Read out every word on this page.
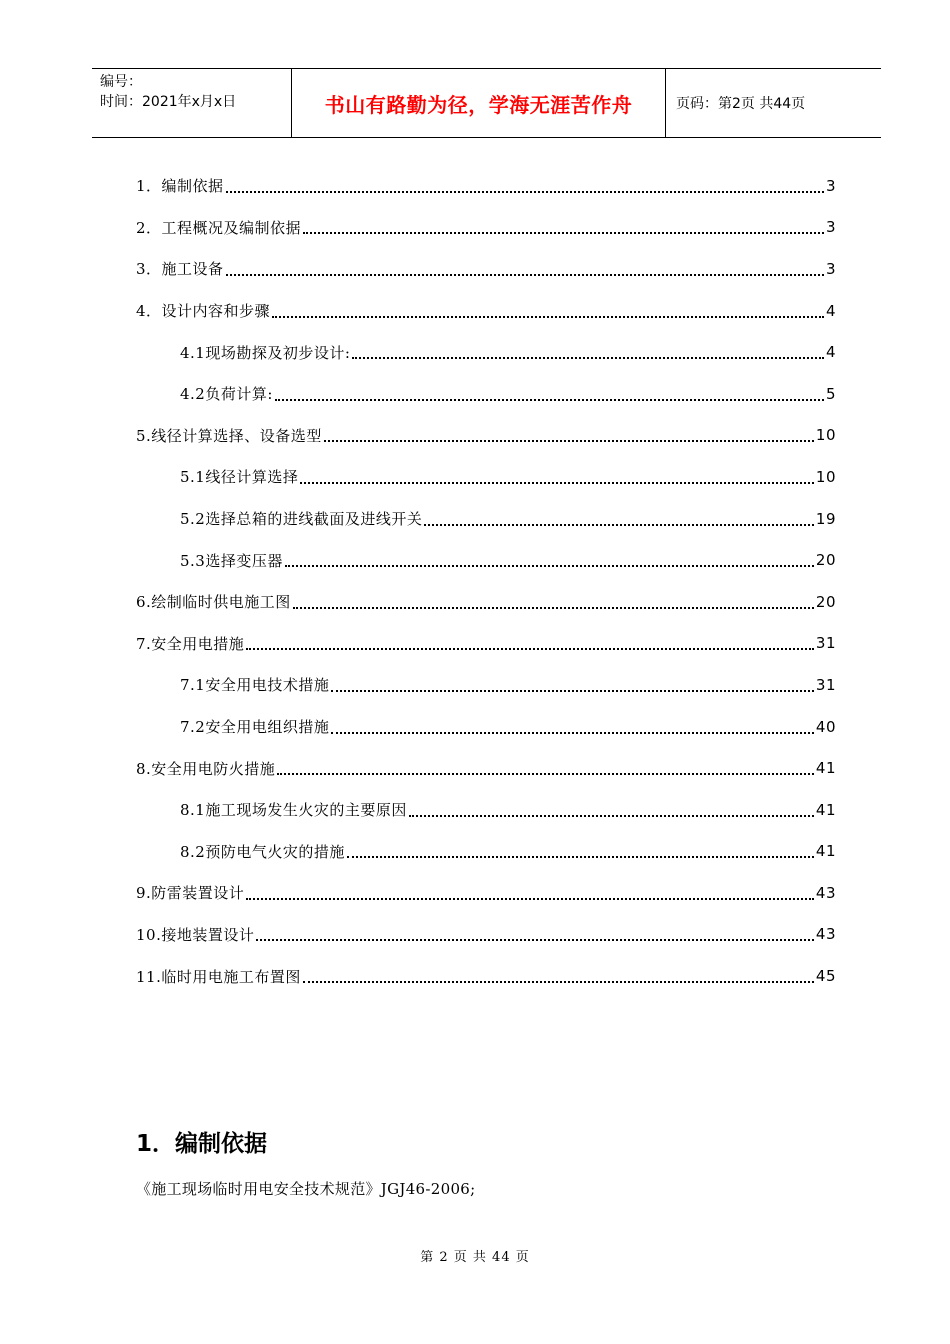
编号：
时间：2021年x月x日	书山有路勤为径，学海无涯苦作舟	页码：第2页 共44页
1．编制依据	3
2．工程概况及编制依据	3
3．施工设备	3
4．设计内容和步骤	4
4.1现场勘探及初步设计:	4
4.2负荷计算:	5
5.线径计算选择、设备选型	10
5.1线径计算选择	10
5.2选择总箱的进线截面及进线开关	19
5.3选择变压器	20
6.绘制临时供电施工图	20
7.安全用电措施	31
7.1安全用电技术措施	31
7.2安全用电组织措施	40
8.安全用电防火措施	41
8.1施工现场发生火灾的主要原因	41
8.2预防电气火灾的措施	41
9.防雷装置设计	43
10.接地装置设计	43
11.临时用电施工布置图	45
1．编制依据
《施工现场临时用电安全技术规范》JGJ46-2006;
第 2 页 共 44 页
